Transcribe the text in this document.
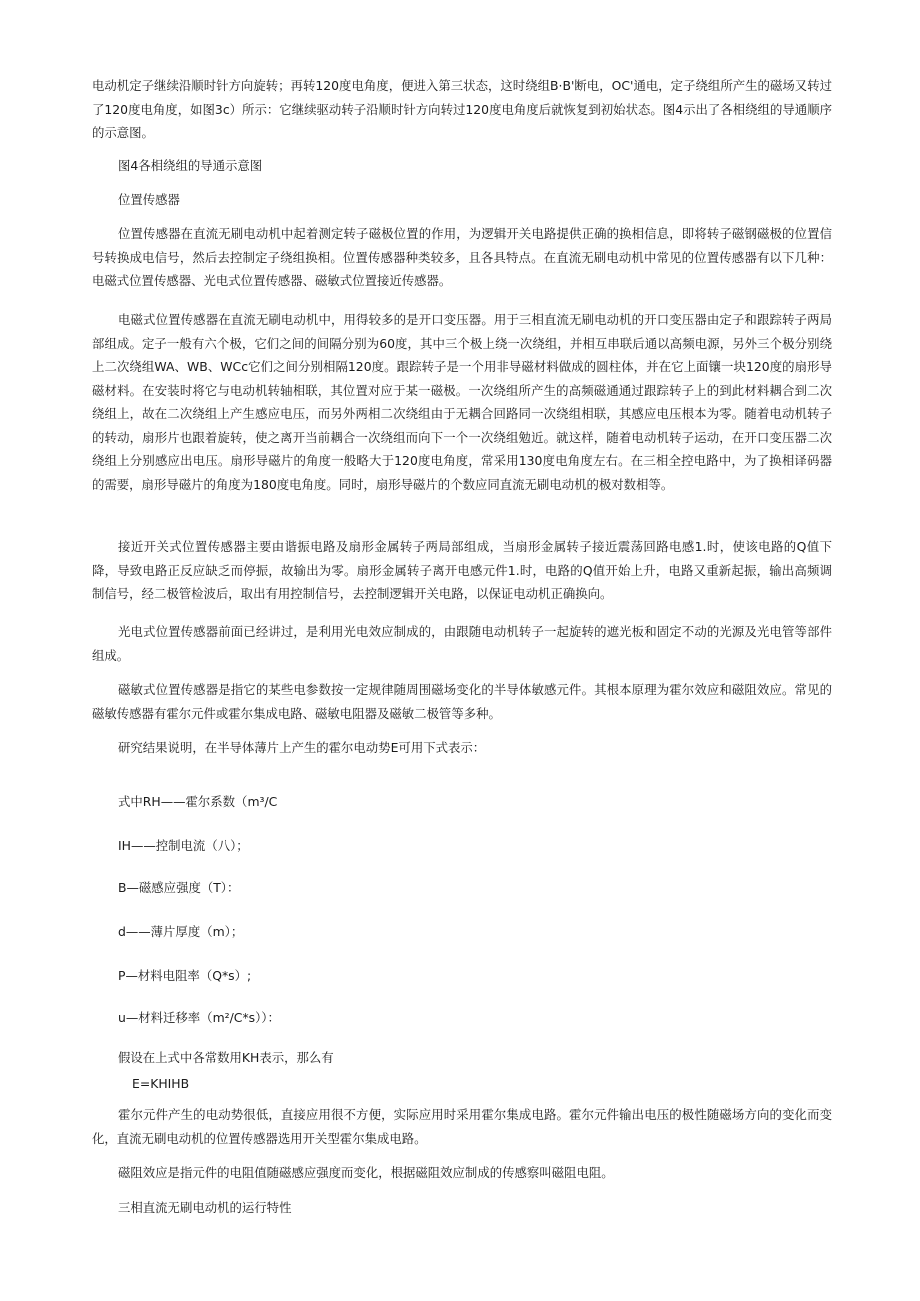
电动机定子继续沿顺时针方向旋转；再转120度电角度，便进入第三状态，这时绕组B·B'断电，OC'通电，定子绕组所产生的磁场又转过了120度电角度，如图3c）所示：它继续驱动转子沿顺时针方向转过120度电角度后就恢复到初始状态。图4示出了各相绕组的导通顺序的示意图。

图4各相绕组的导通示意图

位置传感器

位置传感器在直流无刷电动机中起着测定转子磁极位置的作用，为逻辑开关电路提供正确的换相信息，即将转子磁钢磁极的位置信号转换成电信号，然后去控制定子绕组换相。位置传感器种类较多，且各具特点。在直流无刷电动机中常见的位置传感器有以下几种：电磁式位置传感器、光电式位置传感器、磁敏式位置接近传感器。

电磁式位置传感器在直流无刷电动机中，用得较多的是开口变压器。用于三相直流无刷电动机的开口变压器由定子和跟踪转子两局部组成。定子一般有六个极，它们之间的间隔分别为60度，其中三个极上绕一次绕组，并相互串联后通以高频电源，另外三个极分别绕上二次绕组WA、WB、WCc它们之间分别相隔120度。跟踪转子是一个用非导磁材料做成的圆柱体，并在它上面镶一块120度的扇形导磁材料。在安装时将它与电动机转轴相联，其位置对应于某一磁极。一次绕组所产生的高频磁通通过跟踪转子上的到此材料耦合到二次绕组上，故在二次绕组上产生感应电压，而另外两相二次绕组由于无耦合回路同一次绕组相联，其感应电压根本为零。随着电动机转子的转动，扇形片也跟着旋转，使之离开当前耦合一次绕组而向下一个一次绕组勉近。就这样，随着电动机转子运动，在开口变压器二次绕组上分别感应出电压。扇形导磁片的角度一般略大于120度电角度，常采用130度电角度左右。在三相全控电路中，为了换相译码器的需要，扇形导磁片的角度为180度电角度。同时，扇形导磁片的个数应同直流无刷电动机的极对数相等。

接近开关式位置传感器主要由谐振电路及扇形金属转子两局部组成，当扇形金属转子接近震荡回路电感1.时，使该电路的Q值下降，导致电路正反应缺乏而停振，故输出为零。扇形金属转子离开电感元件1.时，电路的Q值开始上升，电路又重新起振，输出高频调制信号，经二极管检波后，取出有用控制信号，去控制逻辑开关电路，以保证电动机正确换向。

光电式位置传感器前面已经讲过，是利用光电效应制成的，由跟随电动机转子一起旋转的遮光板和固定不动的光源及光电管等部件组成。

磁敏式位置传感器是指它的某些电参数按一定规律随周围磁场变化的半导体敏感元件。其根本原理为霍尔效应和磁阻效应。常见的磁敏传感器有霍尔元件或霍尔集成电路、磁敏电阻器及磁敏二极管等多种。

研究结果说明，在半导体薄片上产生的霍尔电动势E可用下式表示：

式中RH——霍尔系数（m³/C

IH——控制电流（八）；

B—磁感应强度（T）：

d——薄片厚度（m）；

P—材料电阻率（Q*s）;

u—材料迁移率（m²/C*s））：

假设在上式中各常数用KH表示，那么有

E=KHIHB

霍尔元件产生的电动势很低，直接应用很不方便，实际应用时采用霍尔集成电路。霍尔元件输出电压的极性随磁场方向的变化而变化，直流无刷电动机的位置传感器选用开关型霍尔集成电路。

磁阻效应是指元件的电阻值随磁感应强度而变化，根据磁阻效应制成的传感察叫磁阻电阻。

三相直流无刷电动机的运行特性
